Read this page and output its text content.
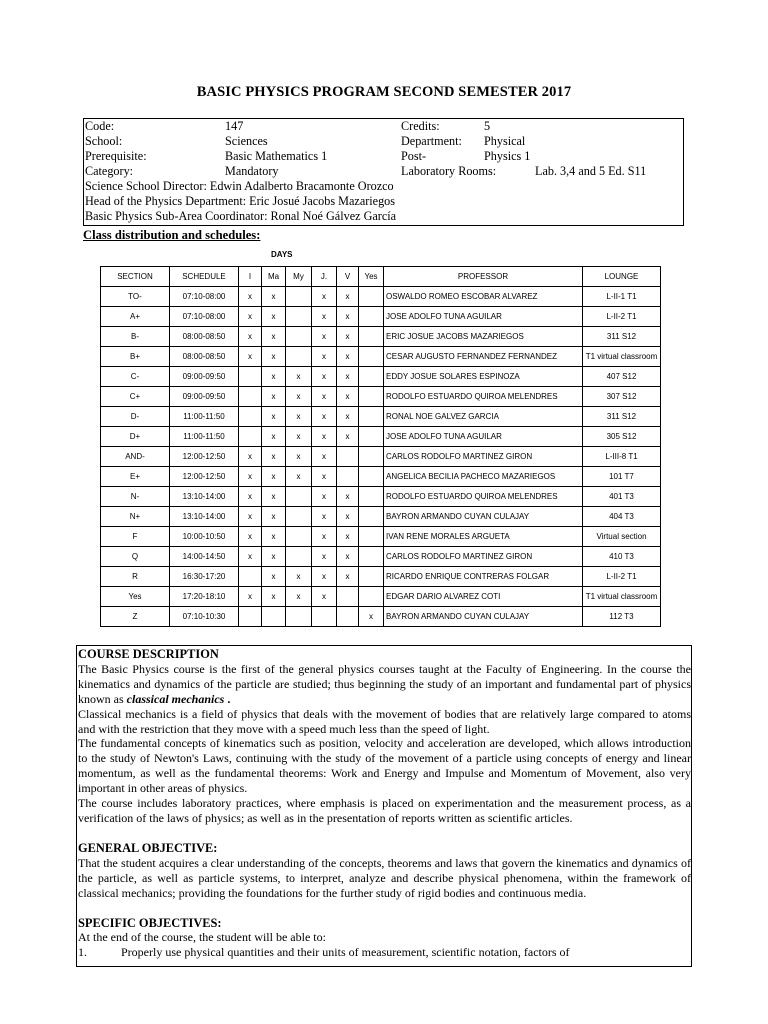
BASIC PHYSICS PROGRAM SECOND SEMESTER 2017
Code:	147	Credits:	5
School:	Sciences	Department: Physical
Prerequisite:	Basic Mathematics 1	Post-	Physics 1
Category:	Mandatory	Laboratory Rooms:	Lab. 3,4 and 5 Ed. S11
Science School Director: Edwin Adalberto Bracamonte Orozco
Head of the Physics Department: Eric Josué Jacobs Mazariegos
Basic Physics Sub-Area Coordinator: Ronal Noé Gálvez García
Class distribution and schedules:
DAYS
SECTION	SCHEDULE	I	Ma	My	J.	V	Yes	PROFESSOR	LOUNGE
TO-	07:10-08:00	x	x		x	x		OSWALDO ROMEO ESCOBAR ALVAREZ	L-II-1 T1

A+	07:10-08:00	x	x		x	x		JOSE ADOLFO TUNA AGUILAR	L-II-2 T1

B-	08:00-08:50	x	x		x	x		ERIC JOSUE JACOBS MAZARIEGOS	311 S12

B+	08:00-08:50	x	x		x	x		CESAR AUGUSTO FERNANDEZ FERNANDEZ	T1 virtual classroom

C-	09:00-09:50		x	x	x	x		EDDY JOSUE SOLARES ESPINOZA	407 S12

C+	09:00-09:50		x	x	x	x		RODOLFO ESTUARDO QUIROA MELENDRES	307 S12

D-	11:00-11:50		x	x	x	x		RONAL NOE GALVEZ GARCIA	311 S12

D+	11:00-11:50		x	x	x	x		JOSE ADOLFO TUNA AGUILAR	305 S12

AND-	12:00-12:50	x	x	x	x			CARLOS RODOLFO MARTINEZ GIRON	L-III-8 T1

E+	12:00-12:50	x	x	x	x			ANGELICA BECILIA PACHECO MAZARIEGOS	101 T7

N-	13:10-14:00	x	x		x	x		RODOLFO ESTUARDO QUIROA MELENDRES	401 T3

N+	13:10-14:00	x	x		x	x		BAYRON ARMANDO CUYAN CULAJAY	404 T3

F	10:00-10:50	x	x		x	x		IVAN RENE MORALES ARGUETA	Virtual section

Q	14:00-14:50	x	x		x	x		CARLOS RODOLFO MARTINEZ GIRON	410 T3

R	16:30-17:20		x	x	x	x		RICARDO ENRIQUE CONTRERAS FOLGAR	L-II-2 T1

Yes	17:20-18:10	x	x	x	x			EDGAR DARIO ALVAREZ COTI	T1 virtual classroom

Z	07:10-10:30						x	BAYRON ARMANDO CUYAN CULAJAY	112 T3
COURSE DESCRIPTION

The Basic Physics course is the first of the general physics courses taught at the Faculty of Engineering. In the course the kinematics and dynamics of the particle are studied; thus beginning the study of an important and fundamental part of physics known as classical mechanics .

Classical mechanics is a field of physics that deals with the movement of bodies that are relatively large compared to atoms and with the restriction that they move with a speed much less than the speed of light.

The fundamental concepts of kinematics such as position, velocity and acceleration are developed, which allows introduction to the study of Newton's Laws, continuing with the study of the movement of a particle using concepts of energy and linear momentum, as well as the fundamental theorems: Work and Energy and Impulse and Momentum of Movement, also very important in other areas of physics.

The course includes laboratory practices, where emphasis is placed on experimentation and the measurement process, as a verification of the laws of physics; as well as in the presentation of reports written as scientific articles.

GENERAL OBJECTIVE:

That the student acquires a clear understanding of the concepts, theorems and laws that govern the kinematics and dynamics of the particle, as well as particle systems, to interpret, analyze and describe physical phenomena, within the framework of classical mechanics; providing the foundations for the further study of rigid bodies and continuous media.

SPECIFIC OBJECTIVES:

At the end of the course, the student will be able to:

1.	Properly use physical quantities and their units of measurement, scientific notation, factors of
